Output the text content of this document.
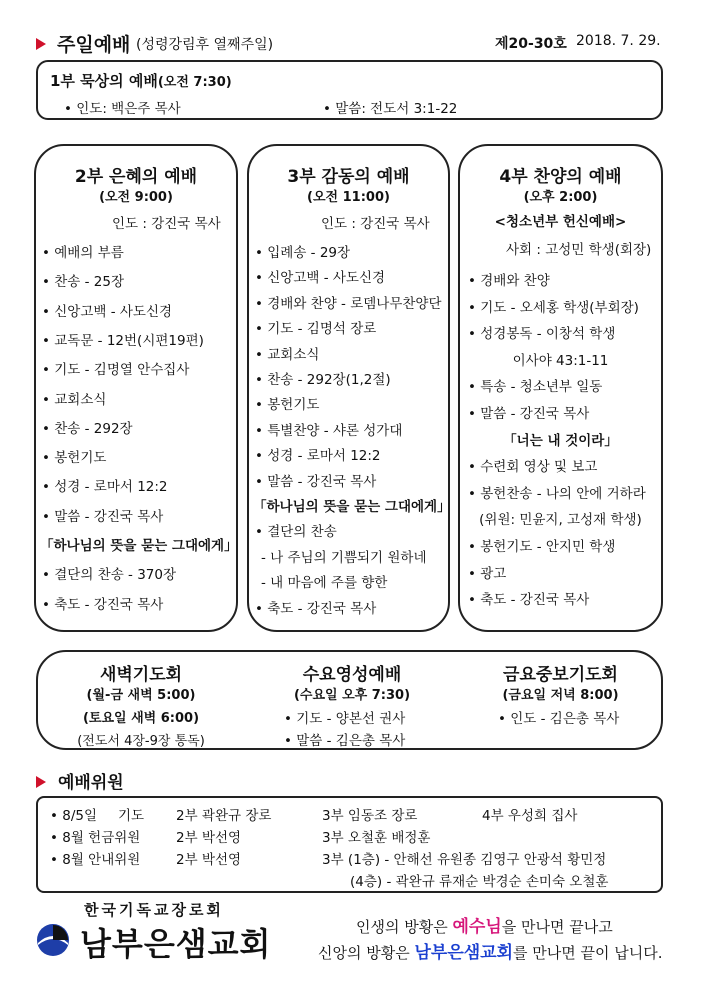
주일예배 (성령강림후 열째주일)	제20-30호 2018. 7. 29.
1부 묵상의 예배(오전 7:30)
• 인도: 백은주 목사	• 말씀: 전도서 3:1-22
2부 은혜의 예배
(오전 9:00)
인도 : 강진국 목사
• 예배의 부름
• 찬송 - 25장
• 신앙고백 - 사도신경
• 교독문 - 12번(시편19편)
• 기도 - 김명열 안수집사
• 교회소식
• 찬송 - 292장
• 봉헌기도
• 성경 - 로마서 12:2
• 말씀 - 강진국 목사
「하나님의 뜻을 묻는 그대에게」
• 결단의 찬송 - 370장
• 축도 - 강진국 목사
3부 감동의 예배
(오전 11:00)
인도 : 강진국 목사
• 입례송 - 29장
• 신앙고백 - 사도신경
• 경배와 찬양 - 로뎀나무찬양단
• 기도 - 김명석 장로
• 교회소식
• 찬송 - 292장(1,2절)
• 봉헌기도
• 특별찬양 - 샤론 성가대
• 성경 - 로마서 12:2
• 말씀 - 강진국 목사
「하나님의 뜻을 묻는 그대에게」
• 결단의 찬송
- 나 주님의 기쁨되기 원하네
- 내 마음에 주를 향한
• 축도 - 강진국 목사
4부 찬양의 예배
(오후 2:00)
<청소년부 헌신예배>
사회 : 고성민 학생(회장)
• 경배와 찬양
• 기도 - 오세홍 학생(부회장)
• 성경봉독 - 이창석 학생
이사야 43:1-11
• 특송 - 청소년부 일동
• 말씀 - 강진국 목사
「너는 내 것이라」
• 수련회 영상 및 보고
• 봉헌찬송 - 나의 안에 거하라
(위원: 민윤지, 고성재 학생)
• 봉헌기도 - 안지민 학생
• 광고
• 축도 - 강진국 목사
새벽기도회
(월-금 새벽 5:00)
(토요일 새벽 6:00)
(전도서 4장-9장 통독)
수요영성예배
(수요일 오후 7:30)
• 기도 - 양본선 권사
• 말씀 - 김은총 목사
금요중보기도회
(금요일 저녁 8:00)
• 인도 - 김은총 목사
예배위원
• 8/5일 기도 2부 곽완규 장로	3부 임동조 장로	4부 우성희 집사
• 8월 헌금위원	2부 박선영	3부 오철훈 배정훈
• 8월 안내위원	2부 박선영	3부 (1층) - 안해선 유원종 김영구 안광석 황민정
(4층) - 곽완규 류재순 박경순 손미숙 오철훈
한국기독교장로회
남부은샘교회	인생의 방황은 예수님을 만나면 끝나고
신앙의 방황은 남부은샘교회를 만나면 끝이 납니다.
